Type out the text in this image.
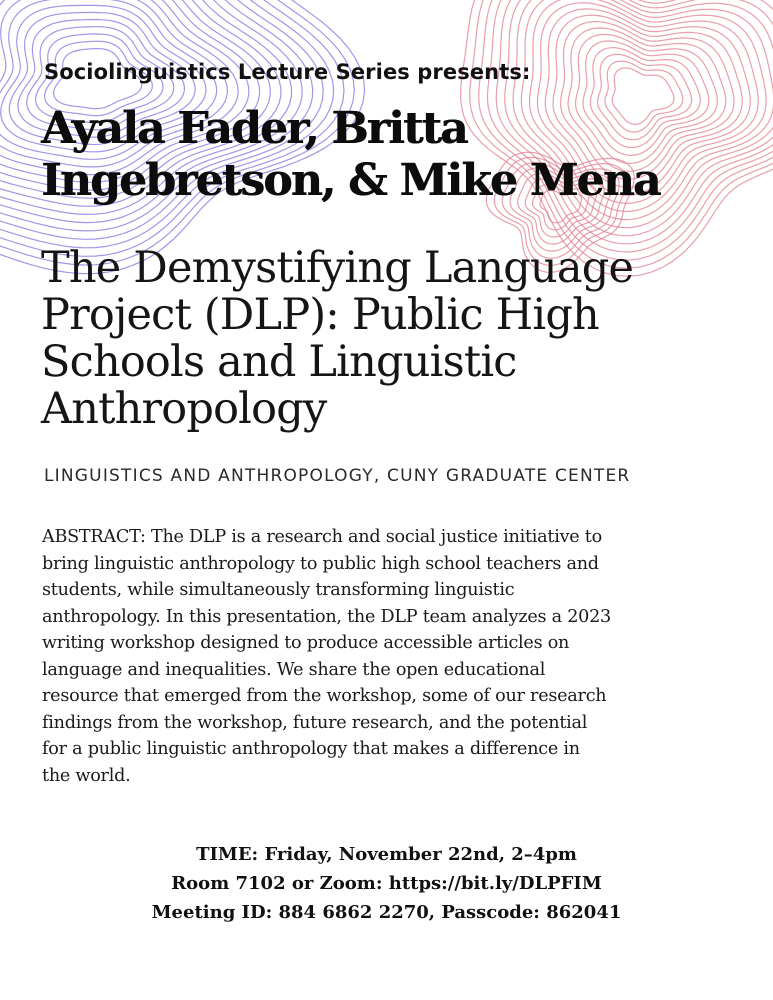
Sociolinguistics Lecture Series presents:
Ayala Fader, Britta
Ingebretson, & Mike Mena
The Demystifying Language
Project (DLP): Public High
Schools and Linguistic
Anthropology
LINGUISTICS AND ANTHROPOLOGY, CUNY GRADUATE CENTER
ABSTRACT: The DLP is a research and social justice initiative to
bring linguistic anthropology to public high school teachers and
students, while simultaneously transforming linguistic
anthropology. In this presentation, the DLP team analyzes a 2023
writing workshop designed to produce accessible articles on
language and inequalities. We share the open educational
resource that emerged from the workshop, some of our research
findings from the workshop, future research, and the potential
for a public linguistic anthropology that makes a difference in
the world.
TIME: Friday, November 22nd, 2–4pm
Room 7102 or Zoom: https://bit.ly/DLPFIM
Meeting ID: 884 6862 2270, Passcode: 862041
